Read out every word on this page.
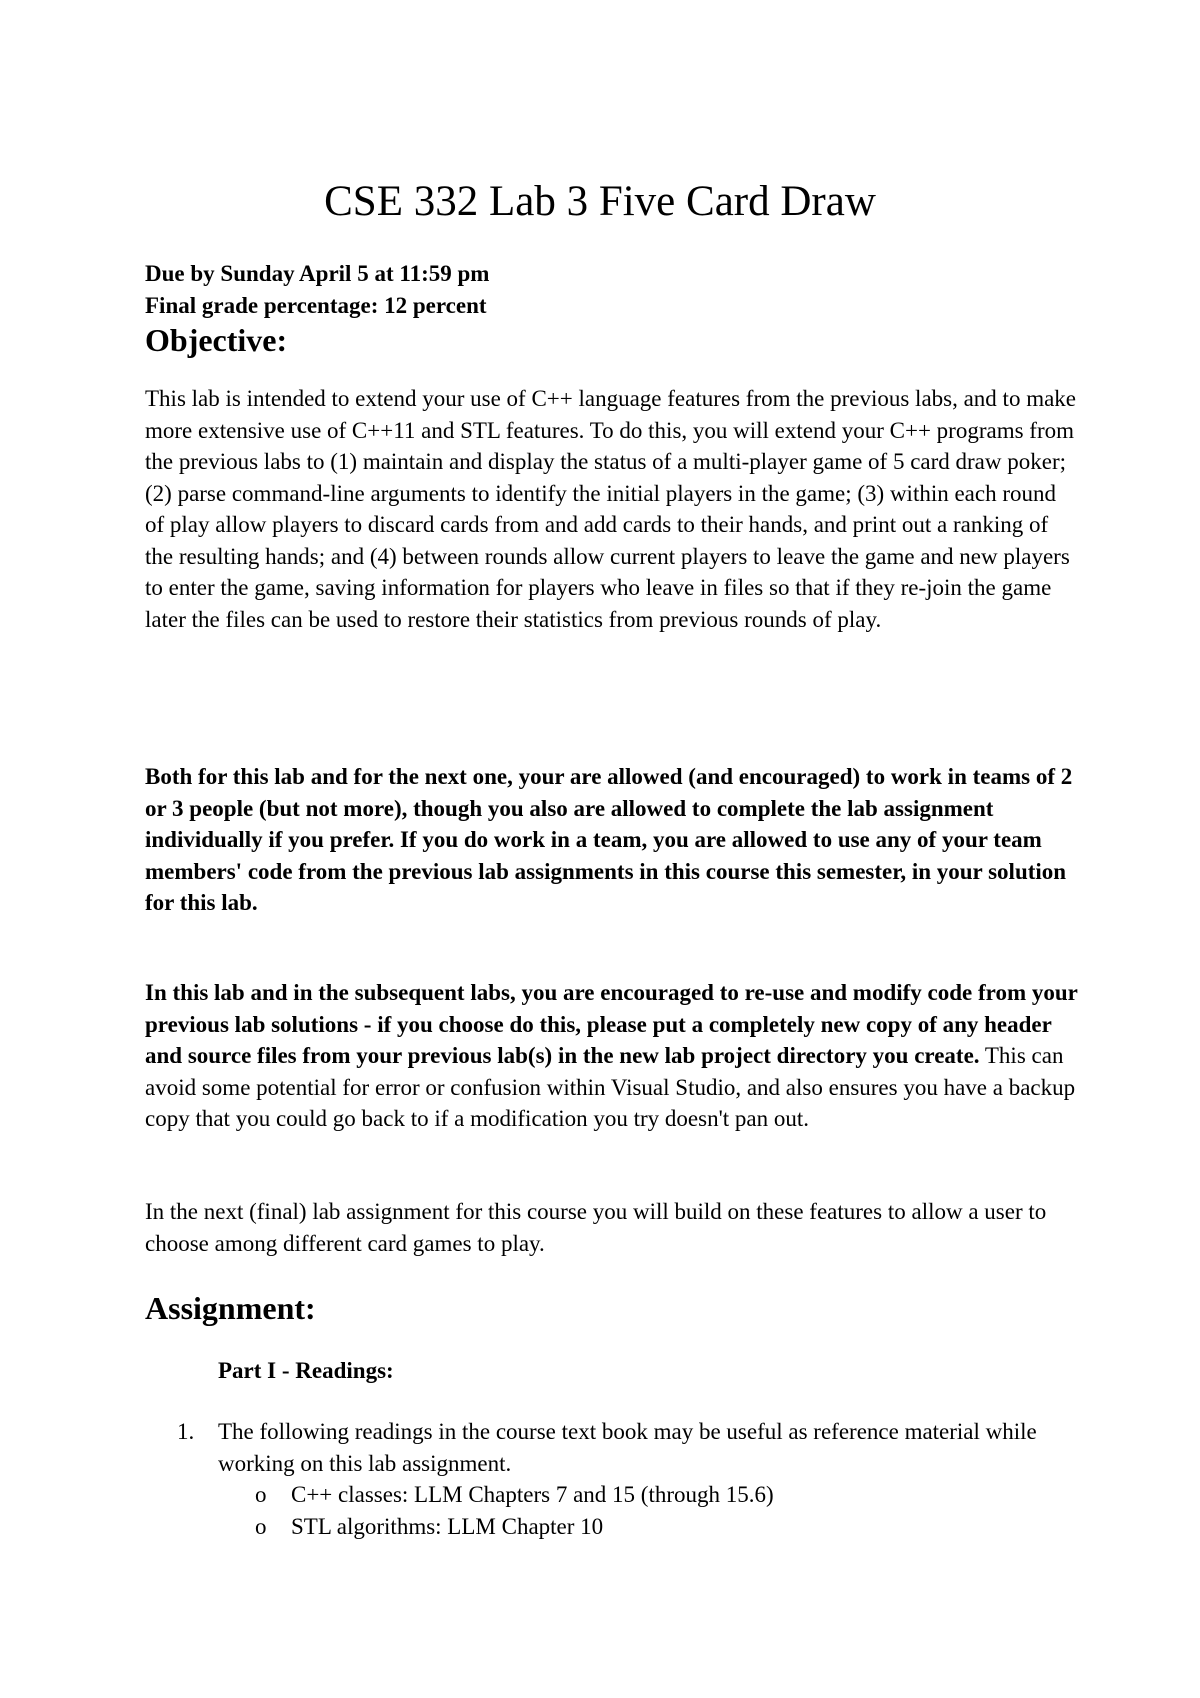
CSE 332 Lab 3 Five Card Draw
Due by Sunday April 5 at 11:59 pm
Final grade percentage: 12 percent
Objective:

This lab is intended to extend your use of C++ language features from the previous labs, and to make more extensive use of C++11 and STL features. To do this, you will extend your C++ programs from the previous labs to (1) maintain and display the status of a multi-player game of 5 card draw poker; (2) parse command-line arguments to identify the initial players in the game; (3) within each round of play allow players to discard cards from and add cards to their hands, and print out a ranking of the resulting hands; and (4) between rounds allow current players to leave the game and new players to enter the game, saving information for players who leave in files so that if they re-join the game later the files can be used to restore their statistics from previous rounds of play.

Both for this lab and for the next one, your are allowed (and encouraged) to work in teams of 2 or 3 people (but not more), though you also are allowed to complete the lab assignment individually if you prefer. If you do work in a team, you are allowed to use any of your team members' code from the previous lab assignments in this course this semester, in your solution for this lab.

In this lab and in the subsequent labs, you are encouraged to re-use and modify code from your previous lab solutions - if you choose do this, please put a completely new copy of any header and source files from your previous lab(s) in the new lab project directory you create. This can avoid some potential for error or confusion within Visual Studio, and also ensures you have a backup copy that you could go back to if a modification you try doesn't pan out.

In the next (final) lab assignment for this course you will build on these features to allow a user to choose among different card games to play.

Assignment:
Part I - Readings:
1. The following readings in the course text book may be useful as reference material while working on this lab assignment.
o	C++ classes: LLM Chapters 7 and 15 (through 15.6)
o	STL algorithms: LLM Chapter 10
